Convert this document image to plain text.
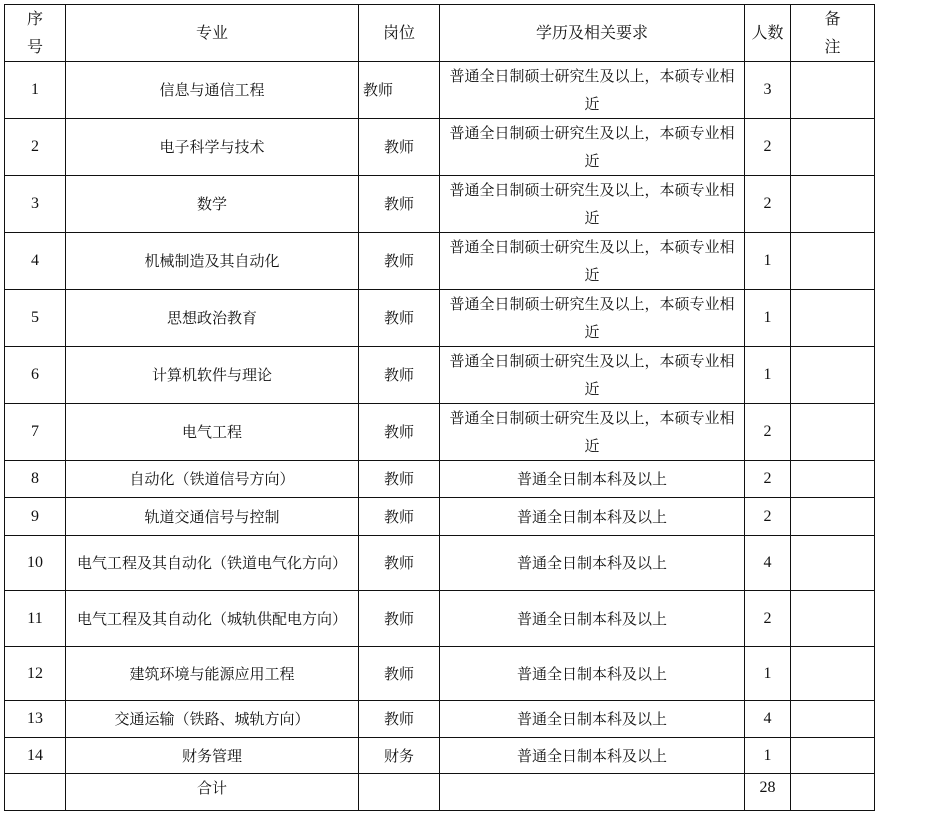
序号	专业	岗位	学历及相关要求	人数	备注
1	信息与通信工程	教师	普通全日制硕士研究生及以上，本硕专业相近	3	
2	电子科学与技术	教师	普通全日制硕士研究生及以上，本硕专业相近	2	
3	数学	教师	普通全日制硕士研究生及以上，本硕专业相近	2	
4	机械制造及其自动化	教师	普通全日制硕士研究生及以上，本硕专业相近	1	
5	思想政治教育	教师	普通全日制硕士研究生及以上，本硕专业相近	1	
6	计算机软件与理论	教师	普通全日制硕士研究生及以上，本硕专业相近	1	
7	电气工程	教师	普通全日制硕士研究生及以上，本硕专业相近	2	
8	自动化（铁道信号方向）	教师	普通全日制本科及以上	2	
9	轨道交通信号与控制	教师	普通全日制本科及以上	2	
10	电气工程及其自动化（铁道电气化方向）	教师	普通全日制本科及以上	4	
11	电气工程及其自动化（城轨供配电方向）	教师	普通全日制本科及以上	2	
12	建筑环境与能源应用工程	教师	普通全日制本科及以上	1	
13	交通运输（铁路、城轨方向）	教师	普通全日制本科及以上	4	
14	财务管理	财务	普通全日制本科及以上	1	
	合计			28	
